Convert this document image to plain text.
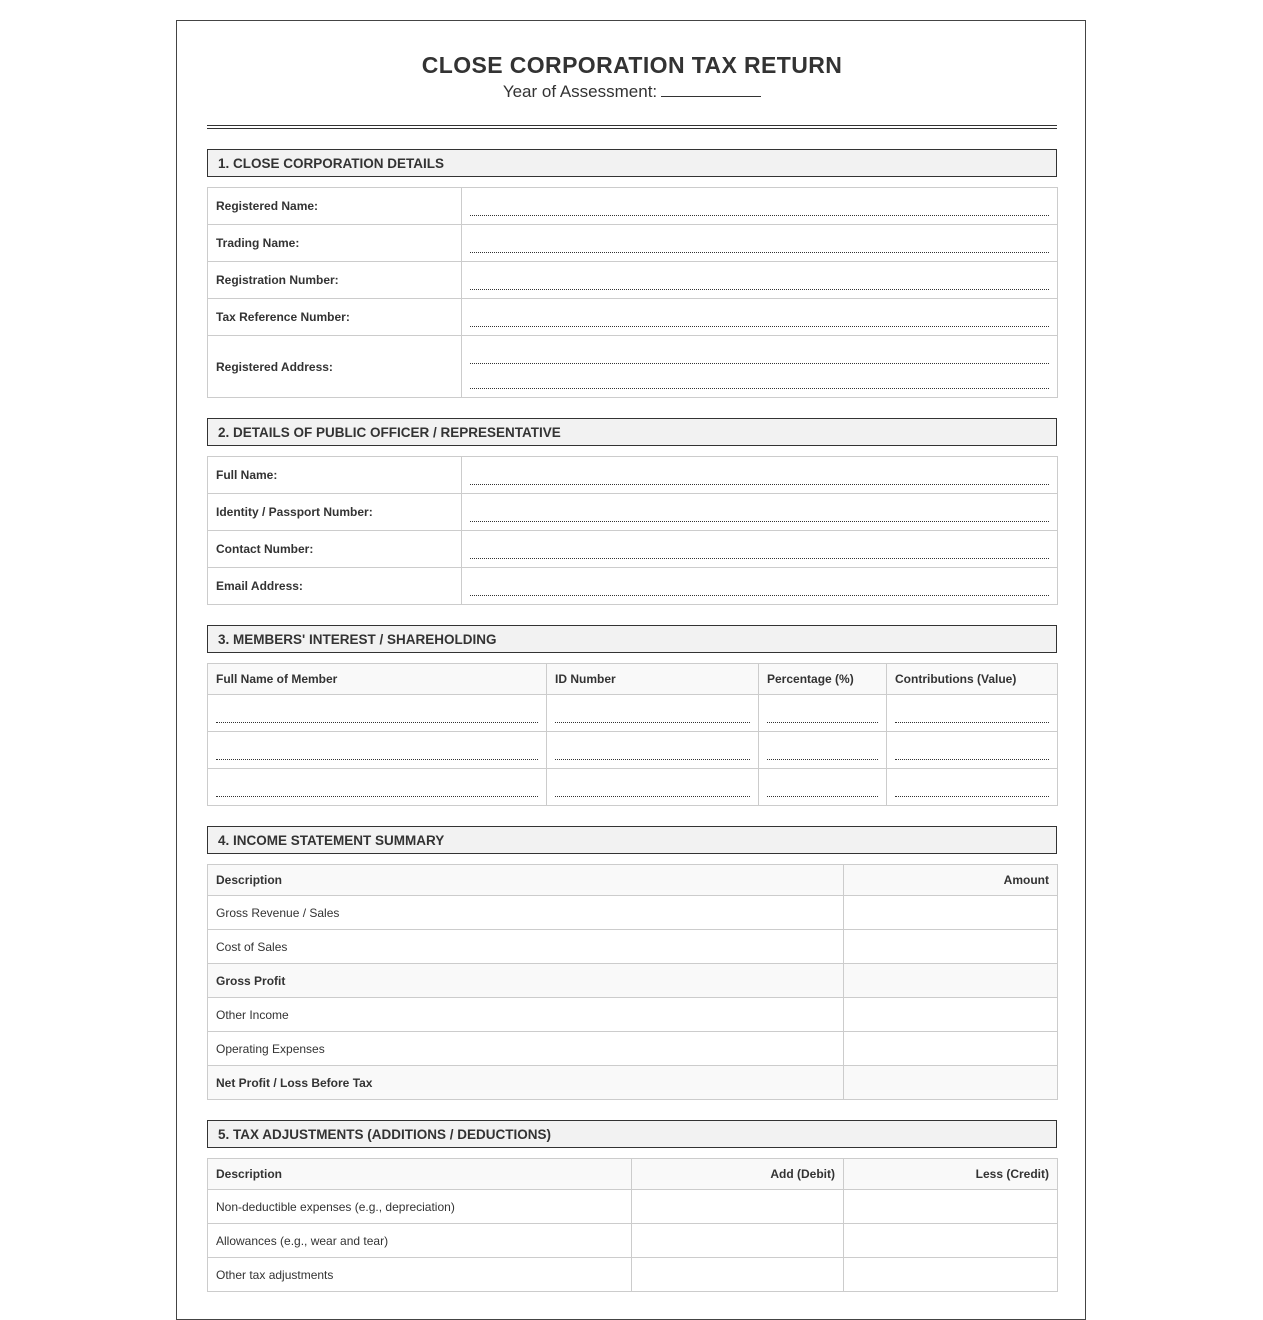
CLOSE CORPORATION TAX RETURN
Year of Assessment:
1. CLOSE CORPORATION DETAILS
Registered Name:	

Trading Name:	

Registration Number:	

Tax Reference Number:	

Registered Address:	
2. DETAILS OF PUBLIC OFFICER / REPRESENTATIVE
Full Name:	

Identity / Passport Number:	

Contact Number:	

Email Address:	
3. MEMBERS' INTEREST / SHAREHOLDING
Full Name of Member	ID Number	Percentage (%)	Contributions (Value)

4. INCOME STATEMENT SUMMARY
Description	Amount
Gross Revenue / Sales	
Cost of Sales	
Gross Profit	
Other Income	
Operating Expenses	
Net Profit / Loss Before Tax	
5. TAX ADJUSTMENTS (ADDITIONS / DEDUCTIONS)
Description	Add (Debit)	Less (Credit)
Non-deductible expenses (e.g., depreciation)		
Allowances (e.g., wear and tear)		
Other tax adjustments		
